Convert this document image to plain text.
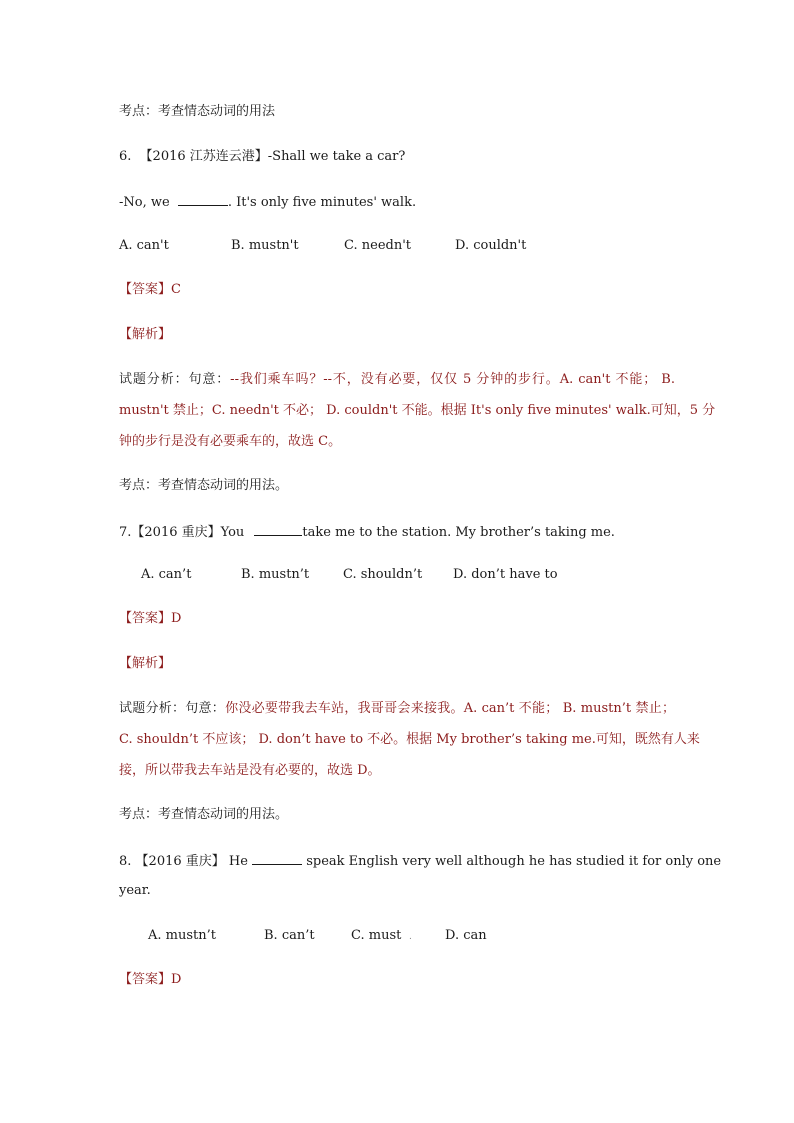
考点：考查情态动词的用法
6. 【2016 江苏连云港】-Shall we take a car?
-No, we	. It's only five minutes' walk.
A. can't	B. mustn't	C. needn't	D. couldn't
【答案】C
【解析】
试题分析：句意：--我们乘车吗？--不，没有必要，仅仅 5 分钟的步行。A. can't 不能； B.
mustn't 禁止；C. needn't 不必； D. couldn't 不能。根据 It's only five minutes' walk.可知，5 分
钟的步行是没有必要乘车的，故选 C。
考点：考查情态动词的用法。
7.【2016 重庆】You	take me to the station. My brother’s taking me.
A. can’t	B. mustn’t	C. shouldn’t D. don’t have to
【答案】D
【解析】
试题分析：句意：你没必要带我去车站，我哥哥会来接我。A. can’t 不能； B. mustn’t 禁止；
C. shouldn’t 不应该； D. don’t have to 不必。根据 My brother’s taking me.可知，既然有人来
接，所以带我去车站是没有必要的，故选 D。
考点：考查情态动词的用法。
8. 【2016 重庆】 He	speak English very well although he has studied it for only one
year.
A. mustn’t	B. can’t	C. must .	D. can
【答案】D
